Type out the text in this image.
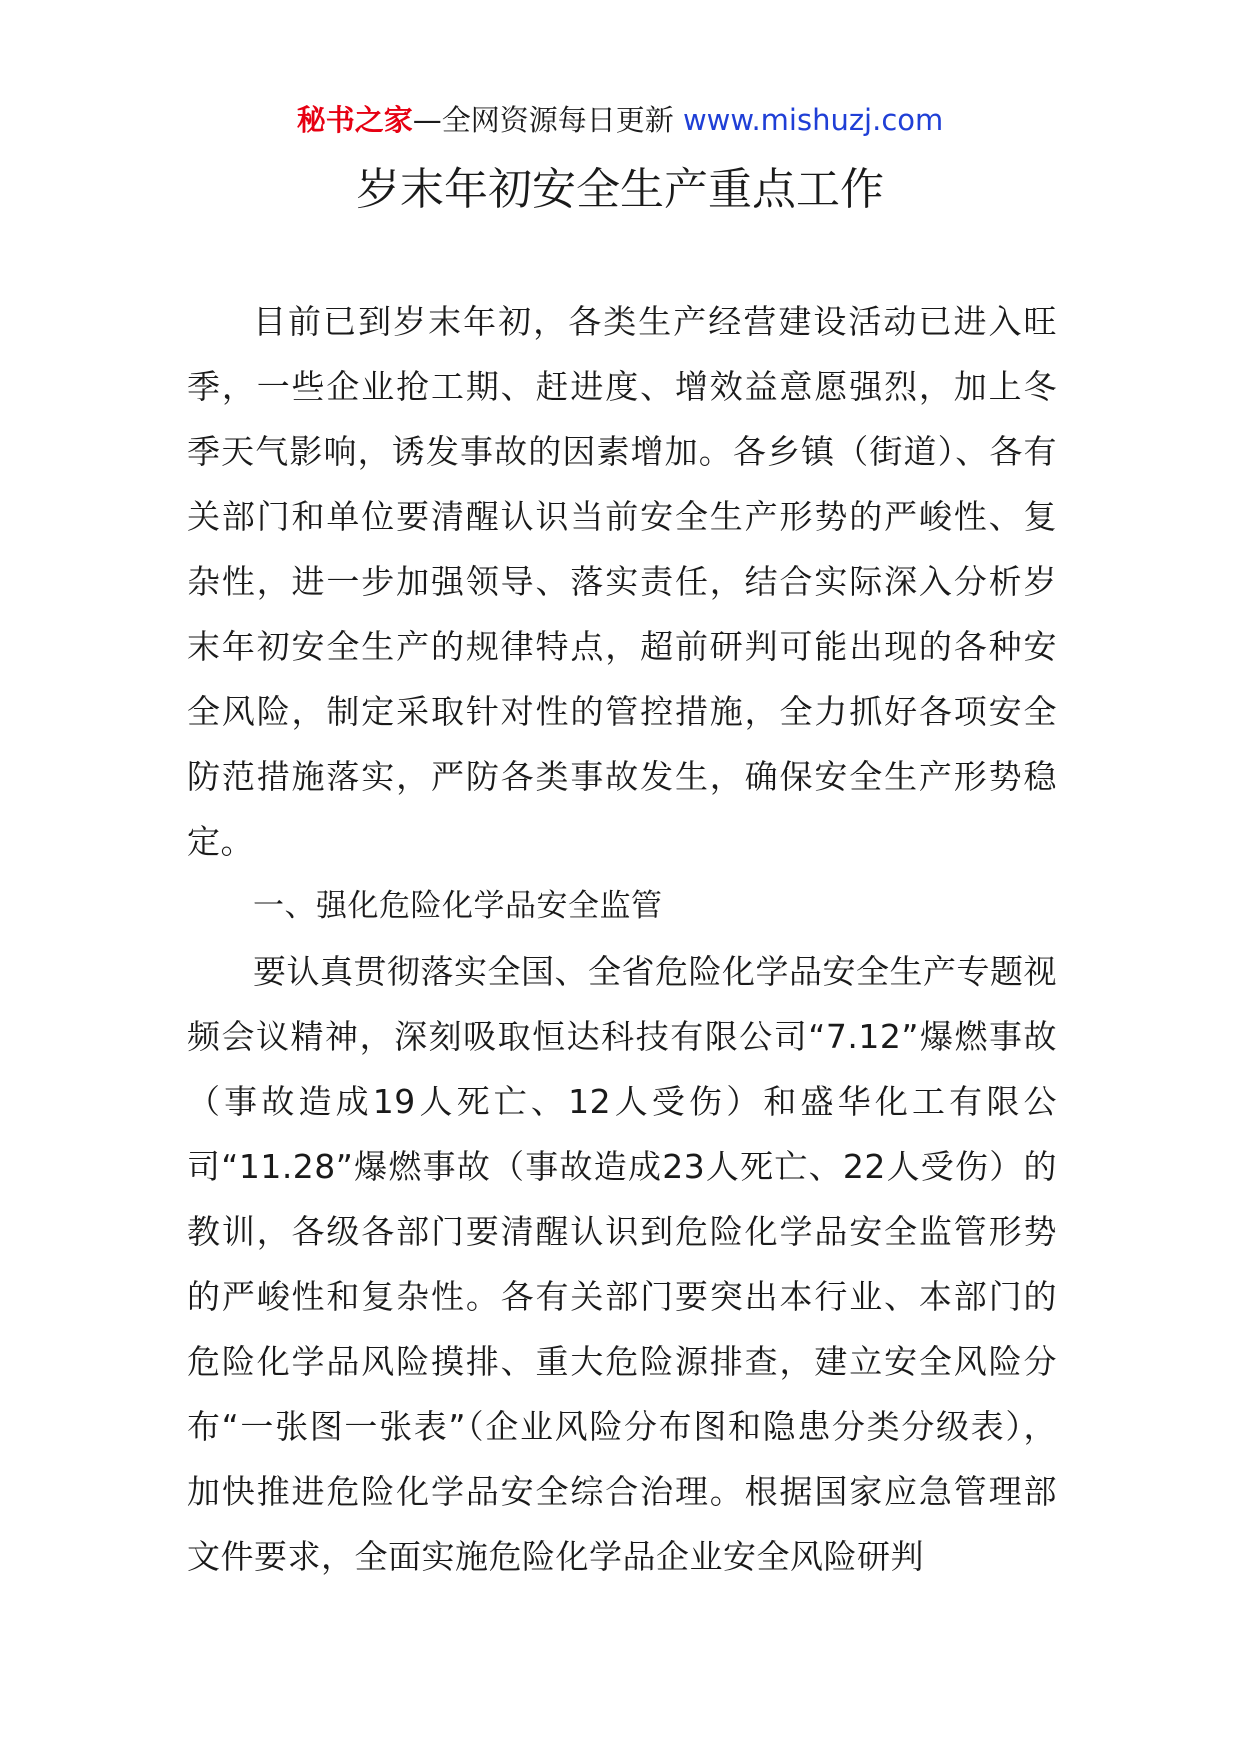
秘书之家—全网资源每日更新 www.mishuzj.com
岁末年初安全生产重点工作

目前已到岁末年初，各类生产经营建设活动已进入旺季，一些企业抢工期、赶进度、增效益意愿强烈，加上冬季天气影响，诱发事故的因素增加。各乡镇（街道）、各有关部门和单位要清醒认识当前安全生产形势的严峻性、复杂性，进一步加强领导、落实责任，结合实际深入分析岁末年初安全生产的规律特点，超前研判可能出现的各种安全风险，制定采取针对性的管控措施，全力抓好各项安全防范措施落实，严防各类事故发生，确保安全生产形势稳定。

一、强化危险化学品安全监管

要认真贯彻落实全国、全省危险化学品安全生产专题视频会议精神，深刻吸取恒达科技有限公司“7.12”爆燃事故（事故造成19人死亡、12人受伤）和盛华化工有限公司“11.28”爆燃事故（事故造成23人死亡、22人受伤）的教训，各级各部门要清醒认识到危险化学品安全监管形势的严峻性和复杂性。各有关部门要突出本行业、本部门的危险化学品风险摸排、重大危险源排查，建立安全风险分布“一张图一张表”（企业风险分布图和隐患分类分级表），加快推进危险化学品安全综合治理。根据国家应急管理部文件要求，全面实施危险化学品企业安全风险研判
